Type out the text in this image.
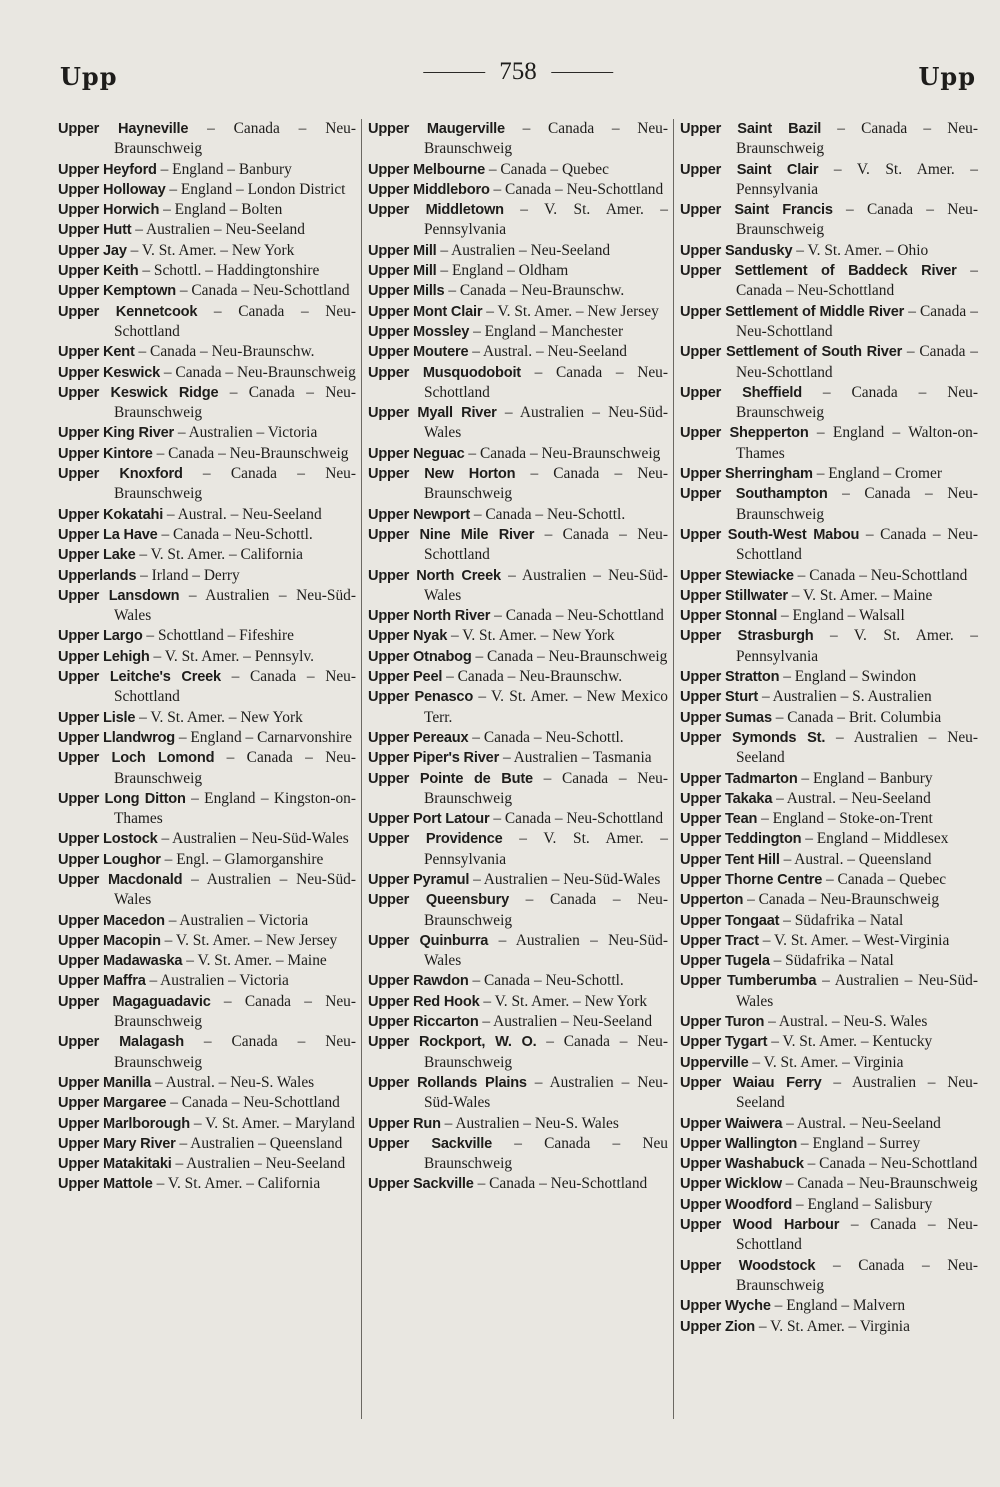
Upp	758	Upp

Upper Hayneville – Canada – Neu-Braunschweig

Upper Heyford – England – Banbury

Upper Holloway – England – London District

Upper Horwich – England – Bolten

Upper Hutt – Australien – Neu-Seeland

Upper Jay – V. St. Amer. – New York

Upper Keith – Schottl. – Haddingtonshire

Upper Kemptown – Canada – Neu-Schottland

Upper Kennetcook – Canada – Neu-Schottland

Upper Kent – Canada – Neu-Braunschw.

Upper Keswick – Canada – Neu-Braunschweig

Upper Keswick Ridge – Canada – Neu-Braunschweig

Upper King River – Australien – Victoria

Upper Kintore – Canada – Neu-Braunschweig

Upper Knoxford – Canada – Neu-Braunschweig

Upper Kokatahi – Austral. – Neu-Seeland

Upper La Have – Canada – Neu-Schottl.

Upper Lake – V. St. Amer. – California

Upperlands – Irland – Derry

Upper Lansdown – Australien – Neu-Süd-Wales

Upper Largo – Schottland – Fifeshire

Upper Lehigh – V. St. Amer. – Pennsylv.

Upper Leitche's Creek – Canada – Neu-Schottland

Upper Lisle – V. St. Amer. – New York

Upper Llandwrog – England – Carnarvonshire

Upper Loch Lomond – Canada – Neu-Braunschweig

Upper Long Ditton – England – Kingston-on-Thames

Upper Lostock – Australien – Neu-Süd-Wales

Upper Loughor – Engl. – Glamorganshire

Upper Macdonald – Australien – Neu-Süd-Wales

Upper Macedon – Australien – Victoria

Upper Macopin – V. St. Amer. – New Jersey

Upper Madawaska – V. St. Amer. – Maine

Upper Maffra – Australien – Victoria

Upper Magaguadavic – Canada – Neu-Braunschweig

Upper Malagash – Canada – Neu-Braunschweig

Upper Manilla – Austral. – Neu-S. Wales

Upper Margaree – Canada – Neu-Schottland

Upper Marlborough – V. St. Amer. – Maryland

Upper Mary River – Australien – Queensland

Upper Matakitaki – Australien – Neu-Seeland

Upper Mattole – V. St. Amer. – California

Upper Maugerville – Canada – Neu-Braunschweig

Upper Melbourne – Canada – Quebec

Upper Middleboro – Canada – Neu-Schottland

Upper Middletown – V. St. Amer. – Pennsylvania

Upper Mill – Australien – Neu-Seeland

Upper Mill – England – Oldham

Upper Mills – Canada – Neu-Braunschw.

Upper Mont Clair – V. St. Amer. – New Jersey

Upper Mossley – England – Manchester

Upper Moutere – Austral. – Neu-Seeland

Upper Musquodoboit – Canada – Neu-Schottland

Upper Myall River – Australien – Neu-Süd-Wales

Upper Neguac – Canada – Neu-Braunschweig

Upper New Horton – Canada – Neu-Braunschweig

Upper Newport – Canada – Neu-Schottl.

Upper Nine Mile River – Canada – Neu-Schottland

Upper North Creek – Australien – Neu-Süd-Wales

Upper North River – Canada – Neu-Schottland

Upper Nyak – V. St. Amer. – New York

Upper Otnabog – Canada – Neu-Braunschweig

Upper Peel – Canada – Neu-Braunschw.

Upper Penasco – V. St. Amer. – New Mexico Terr.

Upper Pereaux – Canada – Neu-Schottl.

Upper Piper's River – Australien – Tasmania

Upper Pointe de Bute – Canada – Neu-Braunschweig

Upper Port Latour – Canada – Neu-Schottland

Upper Providence – V. St. Amer. – Pennsylvania

Upper Pyramul – Australien – Neu-Süd-Wales

Upper Queensbury – Canada – Neu-Braunschweig

Upper Quinburra – Australien – Neu-Süd-Wales

Upper Rawdon – Canada – Neu-Schottl.

Upper Red Hook – V. St. Amer. – New York

Upper Riccarton – Australien – Neu-Seeland

Upper Rockport, W. O. – Canada – Neu-Braunschweig

Upper Rollands Plains – Australien – Neu-Süd-Wales

Upper Run – Australien – Neu-S. Wales

Upper Sackville – Canada – Neu Braunschweig

Upper Sackville – Canada – Neu-Schottland

Upper Saint Bazil – Canada – Neu-Braunschweig

Upper Saint Clair – V. St. Amer. – Pennsylvania

Upper Saint Francis – Canada – Neu-Braunschweig

Upper Sandusky – V. St. Amer. – Ohio

Upper Settlement of Baddeck River – Canada – Neu-Schottland

Upper Settlement of Middle River – Canada – Neu-Schottland

Upper Settlement of South River – Canada – Neu-Schottland

Upper Sheffield – Canada – Neu-Braunschweig

Upper Shepperton – England – Walton-on-Thames

Upper Sherringham – England – Cromer

Upper Southampton – Canada – Neu-Braunschweig

Upper South-West Mabou – Canada – Neu-Schottland

Upper Stewiacke – Canada – Neu-Schottland

Upper Stillwater – V. St. Amer. – Maine

Upper Stonnal – England – Walsall

Upper Strasburgh – V. St. Amer. – Pennsylvania

Upper Stratton – England – Swindon

Upper Sturt – Australien – S. Australien

Upper Sumas – Canada – Brit. Columbia

Upper Symonds St. – Australien – Neu-Seeland

Upper Tadmarton – England – Banbury

Upper Takaka – Austral. – Neu-Seeland

Upper Tean – England – Stoke-on-Trent

Upper Teddington – England – Middlesex

Upper Tent Hill – Austral. – Queensland

Upper Thorne Centre – Canada – Quebec

Upperton – Canada – Neu-Braunschweig

Upper Tongaat – Südafrika – Natal

Upper Tract – V. St. Amer. – West-Virginia

Upper Tugela – Südafrika – Natal

Upper Tumberumba – Australien – Neu-Süd-Wales

Upper Turon – Austral. – Neu-S. Wales

Upper Tygart – V. St. Amer. – Kentucky

Upperville – V. St. Amer. – Virginia

Upper Waiau Ferry – Australien – Neu-Seeland

Upper Waiwera – Austral. – Neu-Seeland

Upper Wallington – England – Surrey

Upper Washabuck – Canada – Neu-Schottland

Upper Wicklow – Canada – Neu-Braunschweig

Upper Woodford – England – Salisbury

Upper Wood Harbour – Canada – Neu-Schottland

Upper Woodstock – Canada – Neu-Braunschweig

Upper Wyche – England – Malvern

Upper Zion – V. St. Amer. – Virginia
